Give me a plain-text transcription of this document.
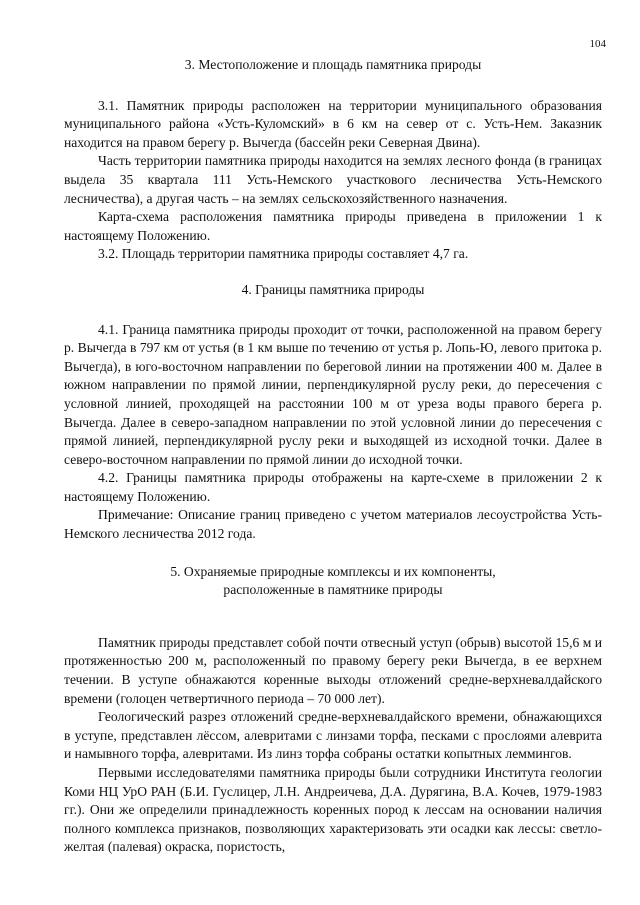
104

3. Местоположение и площадь памятника природы

3.1. Памятник природы расположен на территории муниципального образования муниципального района «Усть-Куломский» в 6 км на север от с. Усть-Нем. Заказник находится на правом берегу р. Вычегда (бассейн реки Северная Двина).

Часть территории памятника природы находится на землях лесного фонда (в границах выдела 35 квартала 111 Усть-Немского участкового лесничества Усть-Немского лесничества), а другая часть – на землях сельскохозяйственного назначения.

Карта-схема расположения памятника природы приведена в приложении 1 к настоящему Положению.

3.2. Площадь территории памятника природы составляет 4,7 га.

4. Границы памятника природы

4.1. Граница памятника природы проходит от точки, расположенной на правом берегу р. Вычегда в 797 км от устья (в 1 км выше по течению от устья р. Лопь-Ю, левого притока р. Вычегда), в юго-восточном направлении по береговой линии на протяжении 400 м. Далее в южном направлении по прямой линии, перпендикулярной руслу реки, до пересечения с условной линией, проходящей на расстоянии 100 м от уреза воды правого берега р. Вычегда. Далее в северо-западном направлении по этой условной линии до пересечения с прямой линией, перпендикулярной руслу реки и выходящей из исходной точки. Далее в северо-восточном направлении по прямой линии до исходной точки.

4.2. Границы памятника природы отображены на карте-схеме в приложении 2 к настоящему Положению.

Примечание: Описание границ приведено с учетом материалов лесоустройства Усть-Немского лесничества 2012 года.

5. Охраняемые природные комплексы и их компоненты,
расположенные в памятнике природы

Памятник природы представлет собой почти отвесный уступ (обрыв) высотой 15,6 м и протяженностью 200 м, расположенный по правому берегу реки Вычегда, в ее верхнем течении. В уступе обнажаются коренные выходы отложений средне-верхневалдайского времени (голоцен четвертичного периода – 70 000 лет).

Геологический разрез отложений средне-верхневалдайского времени, обнажающихся в уступе, представлен лёссом, алевритами с линзами торфа, песками с прослоями алеврита и намывного торфа, алевритами. Из линз торфа собраны остатки копытных леммингов.

Первыми исследователями памятника природы были сотрудники Института геологии Коми НЦ УрО РАН (Б.И. Гуслицер, Л.Н. Андреичева, Д.А. Дурягина, В.А. Кочев, 1979-1983 гг.). Они же определили принадлежность коренных пород к лессам на основании наличия полного комплекса признаков, позволяющих характеризовать эти осадки как лессы: светло-желтая (палевая) окраска, пористость,
